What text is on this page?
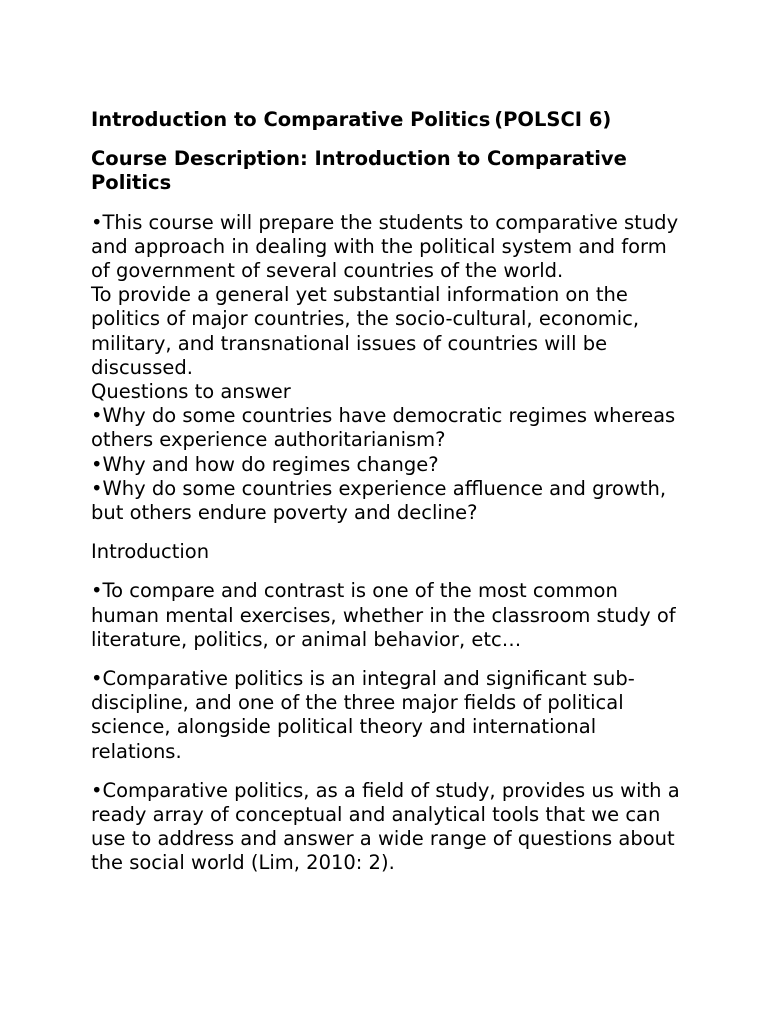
Introduction to Comparative Politics (POLSCI 6)

Course Description: Introduction to Comparative Politics

•This course will prepare the students to comparative study and approach in dealing with the political system and form of government of several countries of the world.
To provide a general yet substantial information on the politics of major countries, the socio-cultural, economic, military, and transnational issues of countries will be discussed.
Questions to answer
•Why do some countries have democratic regimes whereas others experience authoritarianism?
•Why and how do regimes change?
•Why do some countries experience affluence and growth, but others endure poverty and decline?

Introduction

•To compare and contrast is one of the most common human mental exercises, whether in the classroom study of literature, politics, or animal behavior, etc…

•Comparative politics is an integral and significant sub-discipline, and one of the three major fields of political science, alongside political theory and international relations.

•Comparative politics, as a field of study, provides us with a ready array of conceptual and analytical tools that we can use to address and answer a wide range of questions about the social world (Lim, 2010: 2).
